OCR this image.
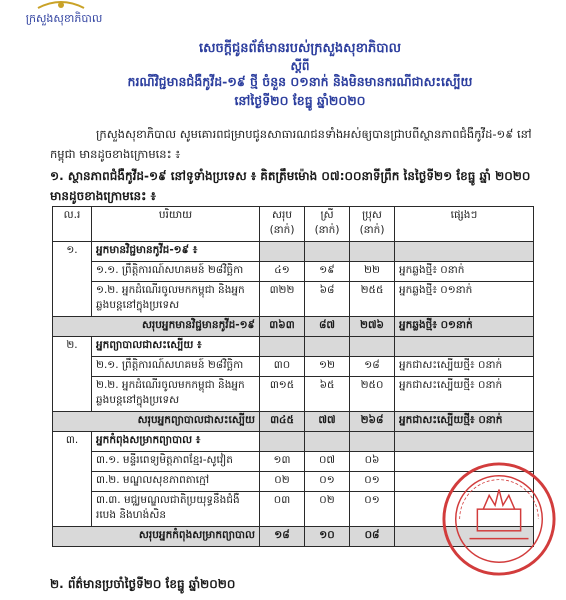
ក្រសួងសុខាភិបាល
សេចក្ដីជូនព័ត៌មានរបស់ក្រសួងសុខាភិបាល
ស្ដីពី
ករណីវិជ្ជមានជំងឺកូវីដ-១៩ ថ្មី ចំនួន ០១នាក់ និងមិនមានករណីជាសះស្បើយ
នៅថ្ងៃទី២០ ខែធ្នូ ឆ្នាំ២០២០
ក្រសួងសុខាភិបាល សូមគោរពជម្រាបជូនសាធារណជនទាំងអស់ឲ្យបានជ្រាបពីស្ថានភាពជំងឺកូវីដ-១៩ នៅកម្ពុជា មានដូចខាងក្រោមនេះ ៖
១. ស្ថានភាពជំងឺកូវីដ-១៩ នៅទូទាំងប្រទេស ៖ គិតត្រឹមម៉ោង ០៧:០០នាទីព្រឹក នៃថ្ងៃទី២១ ខែធ្នូ ឆ្នាំ ២០២០ មានដូចខាងក្រោមនេះ ៖
ល.រ	បរិយាយ	សរុប (នាក់)	ស្រី (នាក់)	ប្រុស (នាក់)	ផ្សេងៗ
១.	អ្នកមានវិជ្ជមានកូវីដ-១៩ ៖				
	១.១. ព្រឹត្តិការណ៍សហគមន៍ ២៨វិច្ឆិកា	៤១	១៩	២២	អ្នកឆ្លងថ្មី៖ ០នាក់
	១.២. អ្នកដំណើរចូលមកកម្ពុជា និងអ្នកឆ្លងបន្តនៅក្នុងប្រទេស	៣២២	៦៨	២៥៥	អ្នកឆ្លងថ្មី៖ ០១នាក់
សរុបអ្នកមានវិជ្ជមានកូវីដ-១៩		៣៦៣	៨៧	២៧៦	អ្នកឆ្លងថ្មី៖ ០១នាក់
២.	អ្នកព្យាបាលជាសះស្បើយ ៖				
	២.១. ព្រឹត្តិការណ៍សហគមន៍ ២៨វិច្ឆិកា	៣០	១២	១៨	អ្នកជាសះស្បើយថ្មី៖ ០នាក់
	២.២. អ្នកដំណើរចូលមកកម្ពុជា និងអ្នកឆ្លងបន្តនៅក្នុងប្រទេស	៣១៥	៦៥	២៥០	អ្នកជាសះស្បើយថ្មី៖ ០នាក់
សរុបអ្នកព្យាបាលជាសះស្បើយ		៣៤៥	៧៧	២៦៨	អ្នកជាសះស្បើយថ្មី៖ ០នាក់
៣.	អ្នកកំពុងសម្រាកព្យាបាល ៖				
	៣.១. មន្ទីរពេទ្យមិត្តភាពខ្មែរ-សូវៀត	១៣	០៧	០៦	
	៣.២. មណ្ឌលសុខភាពតាក្មៅ	០២	០១	០១	
	៣.៣. មជ្ឈមណ្ឌលជាតិប្រយុទ្ធនឹងជំងឺរបេង និងហង់សិន	០៣	០២	០១	
សរុបអ្នកកំពុងសម្រាកព្យាបាល		១៨	១០	០៨	
២. ព័ត៌មានប្រចាំថ្ងៃទី២០ ខែធ្នូ ឆ្នាំ២០២០
